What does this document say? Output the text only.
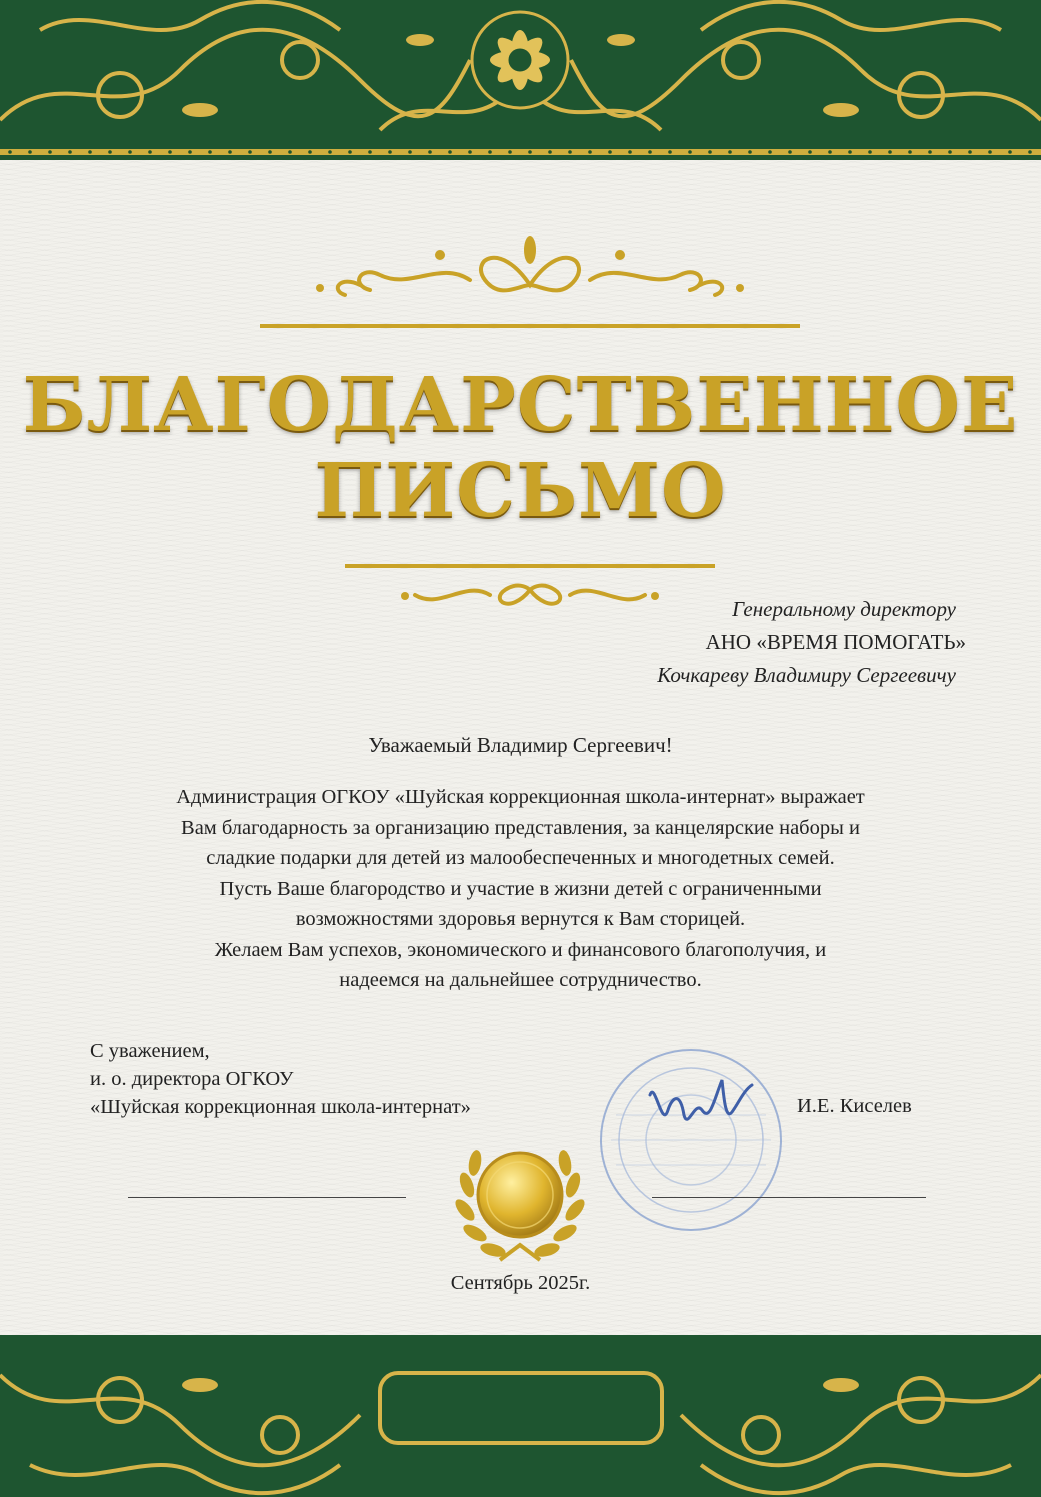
БЛАГОДАРСТВЕННОЕ
ПИСЬМО
Генеральному директору
АНО «ВРЕМЯ ПОМОГАТЬ»
Кочкареву Владимиру Сергеевичу
Уважаемый Владимир Сергеевич!

Администрация ОГКОУ «Шуйская коррекционная школа-интернат» выражает

Вам благодарность за организацию представления, за канцелярские наборы и

сладкие подарки для детей из малообеспеченных и многодетных семей.

Пусть Ваше благородство и участие в жизни детей с ограниченными

возможностями здоровья вернутся к Вам сторицей.

Желаем Вам успехов, экономического и финансового благополучия, и

надеемся на дальнейшее сотрудничество.

С уважением,

и. о. директора ОГКОУ

«Шуйская коррекционная школа-интернат»	И.Е. Киселев
Сентябрь 2025г.
